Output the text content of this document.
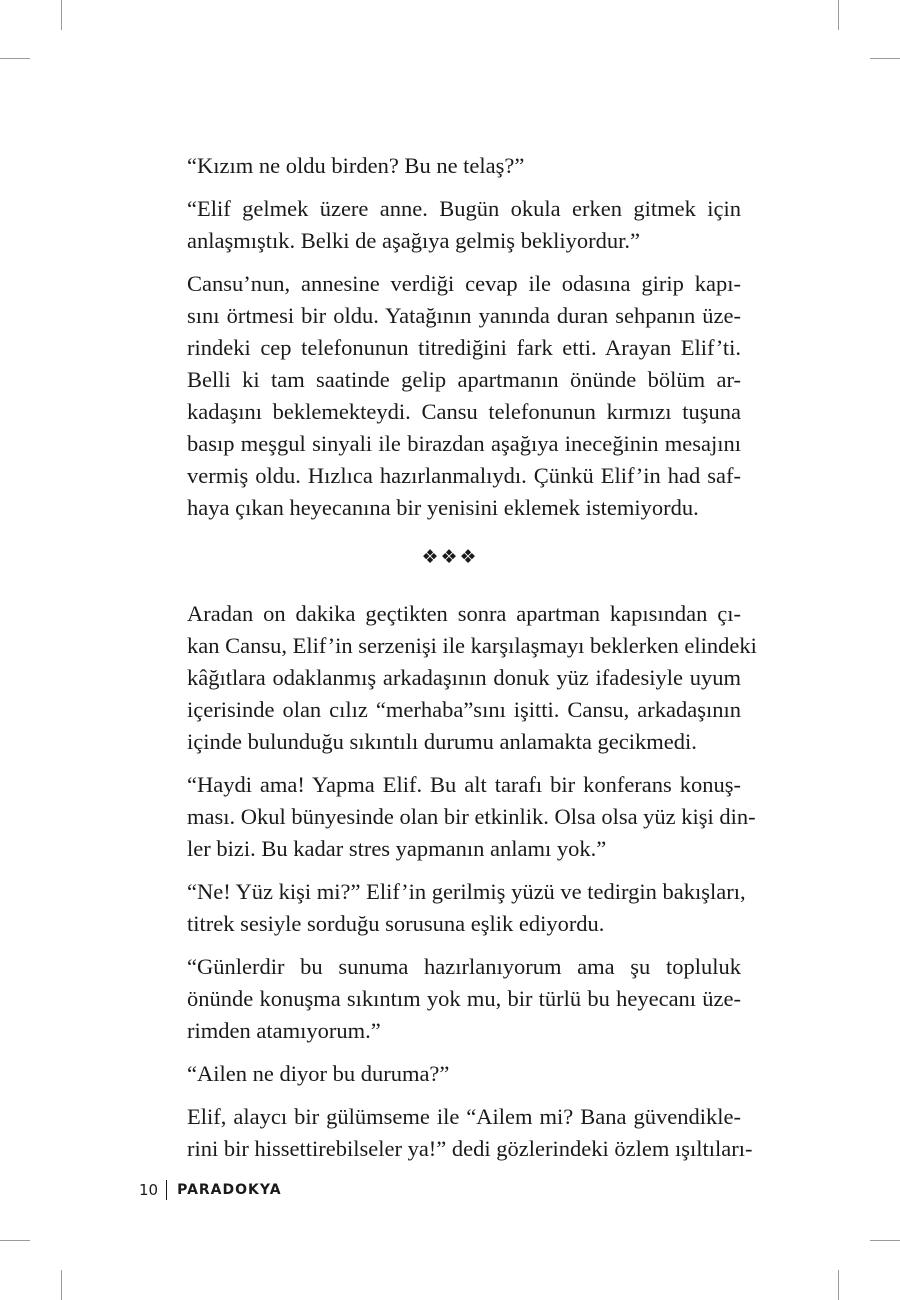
“Kızım ne oldu birden? Bu ne telaş?”

“Elif gelmek üzere anne. Bugün okula erken gitmek için
anlaşmıştık. Belki de aşağıya gelmiş bekliyordur.”

Cansu’nun, annesine verdiği cevap ile odasına girip kapı-
sını örtmesi bir oldu. Yatağının yanında duran sehpanın üze-
rindeki cep telefonunun titrediğini fark etti. Arayan Elif’ti.
Belli ki tam saatinde gelip apartmanın önünde bölüm ar-
kadaşını beklemekteydi. Cansu telefonunun kırmızı tuşuna
basıp meşgul sinyali ile birazdan aşağıya ineceğinin mesajını
vermiş oldu. Hızlıca hazırlanmalıydı. Çünkü Elif’in had saf-
haya çıkan heyecanına bir yenisini eklemek istemiyordu.

❖❖❖

Aradan on dakika geçtikten sonra apartman kapısından çı-
kan Cansu, Elif’in serzenişi ile karşılaşmayı beklerken elindeki
kâğıtlara odaklanmış arkadaşının donuk yüz ifadesiyle uyum
içerisinde olan cılız “merhaba”sını işitti. Cansu, arkadaşının
içinde bulunduğu sıkıntılı durumu anlamakta gecikmedi.

“Haydi ama! Yapma Elif. Bu alt tarafı bir konferans konuş-
ması. Okul bünyesinde olan bir etkinlik. Olsa olsa yüz kişi din-
ler bizi. Bu kadar stres yapmanın anlamı yok.”

“Ne! Yüz kişi mi?” Elif’in gerilmiş yüzü ve tedirgin bakışları,
titrek sesiyle sorduğu sorusuna eşlik ediyordu.

“Günlerdir bu sunuma hazırlanıyorum ama şu topluluk
önünde konuşma sıkıntım yok mu, bir türlü bu heyecanı üze-
rimden atamıyorum.”

“Ailen ne diyor bu duruma?”

Elif, alaycı bir gülümseme ile “Ailem mi? Bana güvendikle-
rini bir hissettirebilseler ya!” dedi gözlerindeki özlem ışıltıları-

10 PARADOKYA
